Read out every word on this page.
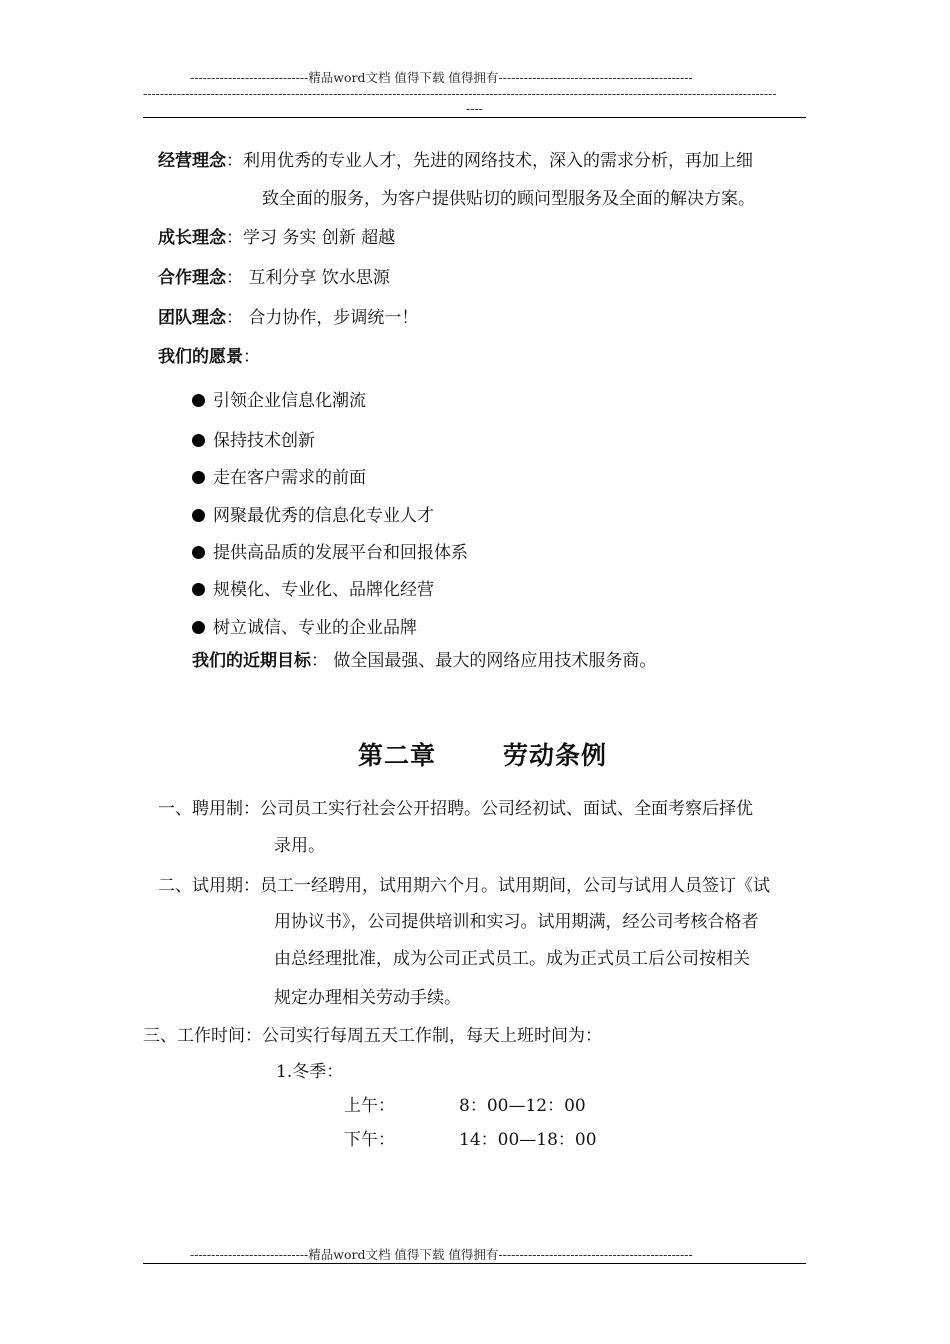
----------------------------精品word文档 值得下载 值得拥有----------------------------------------------
------------------------------------------------------------------------------------------------------------------------------------------------------
----
经营理念：利用优秀的专业人才，先进的网络技术，深入的需求分析，再加上细
致全面的服务，为客户提供贴切的顾问型服务及全面的解决方案。
成长理念：学习 务实 创新 超越
合作理念： 互利分享 饮水思源
团队理念： 合力协作，步调统一！
我们的愿景：
引领企业信息化潮流
保持技术创新
走在客户需求的前面
网聚最优秀的信息化专业人才
提供高品质的发展平台和回报体系
规模化、专业化、品牌化经营
树立诚信、专业的企业品牌
我们的近期目标： 做全国最强、最大的网络应用技术服务商。
第二章	劳动条例
一、聘用制：公司员工实行社会公开招聘。公司经初试、面试、全面考察后择优
录用。
二、试用期：员工一经聘用，试用期六个月。试用期间，公司与试用人员签订《试
用协议书》，公司提供培训和实习。试用期满，经公司考核合格者
由总经理批准，成为公司正式员工。成为正式员工后公司按相关
规定办理相关劳动手续。
三、工作时间：公司实行每周五天工作制，每天上班时间为：
1.冬季：
上午：	8：00—12：00
下午：	14：00—18：00
----------------------------精品word文档 值得下载 值得拥有----------------------------------------------
